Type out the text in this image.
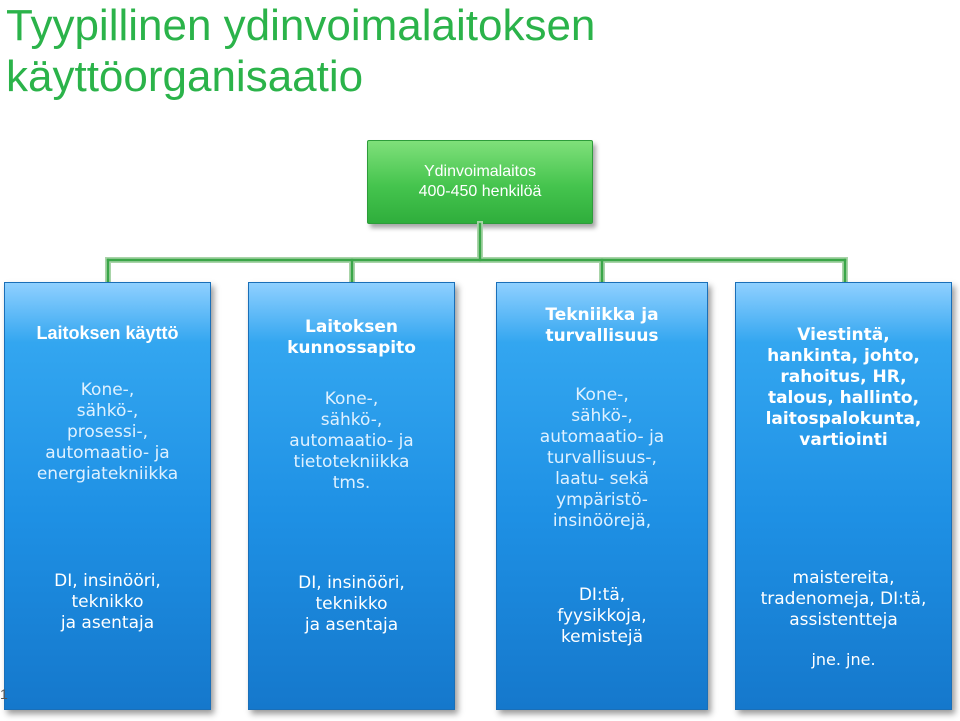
Tyypillinen ydinvoimalaitoksen
käyttöorganisaatio
Ydinvoimalaitos
400-450 henkilöä
Laitoksen käyttö
Kone-,
sähkö-,
prosessi-,
automaatio- ja
energiatekniikka
DI, insinööri,
teknikko
ja asentaja
Laitoksen
kunnossapito
Kone-,
sähkö-,
automaatio- ja
tietotekniikka
tms.
DI, insinööri,
teknikko
ja asentaja
Tekniikka ja
turvallisuus
Kone-,
sähkö-,
automaatio- ja
turvallisuus-,
laatu- sekä
ympäristö-
insinöörejä,
DI:tä,
fyysikkoja,
kemistejä
Viestintä,
hankinta, johto,
rahoitus, HR,
talous, hallinto,
laitospalokunta,
vartiointi
maistereita,
tradenomeja, DI:tä,
assistentteja
jne. jne.
1
